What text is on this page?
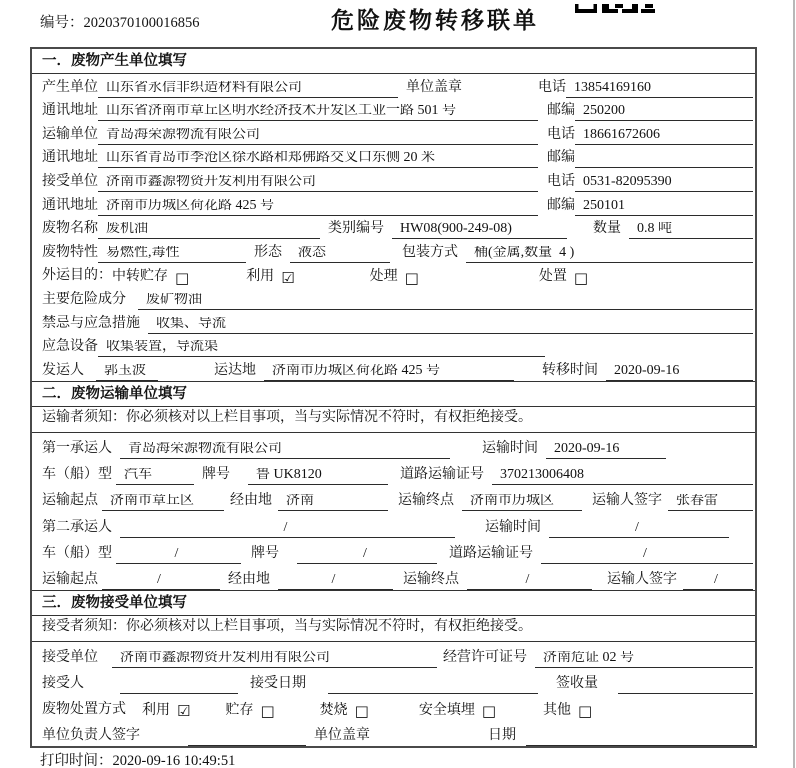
编号：2020370100016856	危险废物转移联单
一．废物产生单位填写
产生单位 山东省永信非织造材料有限公司	单位盖章	电话 13854169160
通讯地址 山东省济南市章丘区明水经济技术开发区工业一路 501 号	邮编 250200
运输单位 青岛海荣源物流有限公司	电话 18661672606
通讯地址 山东省青岛市李沧区徐水路和郑佛路交叉口东侧 20 米	邮编
接受单位 济南市鑫源物资开发利用有限公司	电话 0531-82095390
通讯地址 济南市历城区荷花路 425 号	邮编 250101
废物名称 废机油	类别编号	HW08(900-249-08)	数量	0.8 吨
废物特性 易燃性,毒性	形态	液态	包装方式	桶(金属,数量  4 )
外运目的： 中转贮存 □	利用 ☑	处理 □	处置 □
主要危险成分	废矿物油
禁忌与应急措施	收集、导流
应急设备 收集装置，导流渠
发运人	郭玉波	运达地	济南市历城区荷花路 425 号	转移时间	2020-09-16
二．废物运输单位填写
运输者须知：你必须核对以上栏目事项，当与实际情况不符时，有权拒绝接受。
第一承运人	青岛海荣源物流有限公司	运输时间	2020-09-16
车（船）型 汽车	牌号	鲁 UK8120	道路运输证号	370213006408
运输起点 济南市章丘区	经由地	济南	运输终点	济南市历城区	运输人签字	张春雷
第二承运人	/	运输时间	/
车（船）型	/	牌号	/	道路运输证号	/
运输起点	/	经由地	/	运输终点	/	运输人签字	/
三．废物接受单位填写
接受者须知：你必须核对以上栏目事项，当与实际情况不符时，有权拒绝接受。
接受单位	济南市鑫源物资开发利用有限公司	经营许可证号	济南危证 02 号
接受人	接受日期	签收量
废物处置方式 利用 ☑	贮存 □	焚烧 □	安全填埋 □	其他 □
单位负责人签字	单位盖章	日期
打印时间：2020-09-16 10:49:51
